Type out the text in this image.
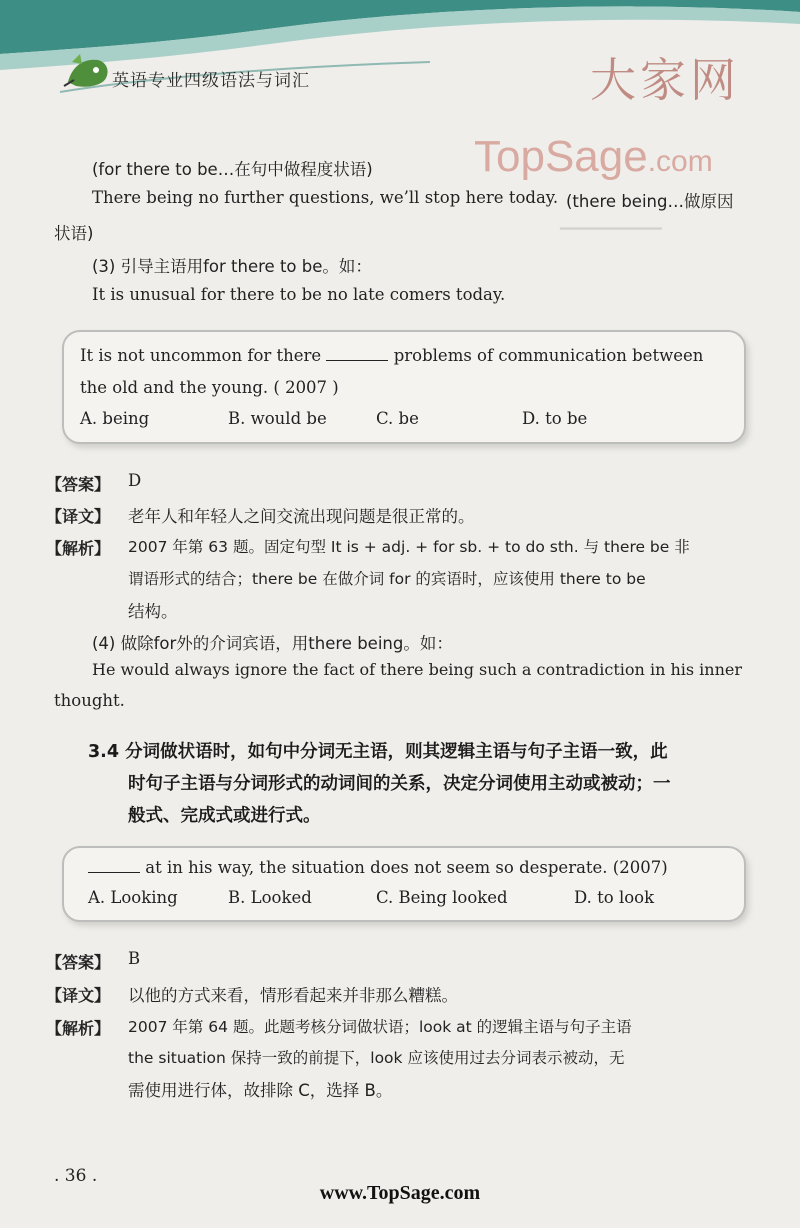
英语专业四级语法与词汇	大家网
TopSage.com
━━━━━━━━━━━━━
(for there to be…在句中做程度状语)
There being no further questions, we’ll stop here today. (there being…做原因
状语)
(3) 引导主语用for there to be。如：
It is unusual for there to be no late comers today.
It is not uncommon for there	problems of communication between
the old and the young. ( 2007 )
A. being	B. would be	C. be	D. to be
【答案】 D
【译文】 老年人和年轻人之间交流出现问题是很正常的。
【解析】 2007 年第 63 题。固定句型 It is + adj. + for sb. + to do sth. 与 there be 非
谓语形式的结合；there be 在做介词 for 的宾语时，应该使用 there to be
结构。
(4) 做除for外的介词宾语，用there being。如：
He would always ignore the fact of there being such a contradiction in his inner
thought.
3.4 分词做状语时，如句中分词无主语，则其逻辑主语与句子主语一致，此
时句子主语与分词形式的动词间的关系，决定分词使用主动或被动；一
般式、完成式或进行式。
at in his way, the situation does not seem so desperate. (2007)
A. Looking	B. Looked	C. Being looked	D. to look
【答案】 B
【译文】 以他的方式来看，情形看起来并非那么糟糕。
【解析】 2007 年第 64 题。此题考核分词做状语；look at 的逻辑主语与句子主语
the situation 保持一致的前提下，look 应该使用过去分词表示被动，无
需使用进行体，故排除 C，选择 B。
. 36 .
www.TopSage.com
